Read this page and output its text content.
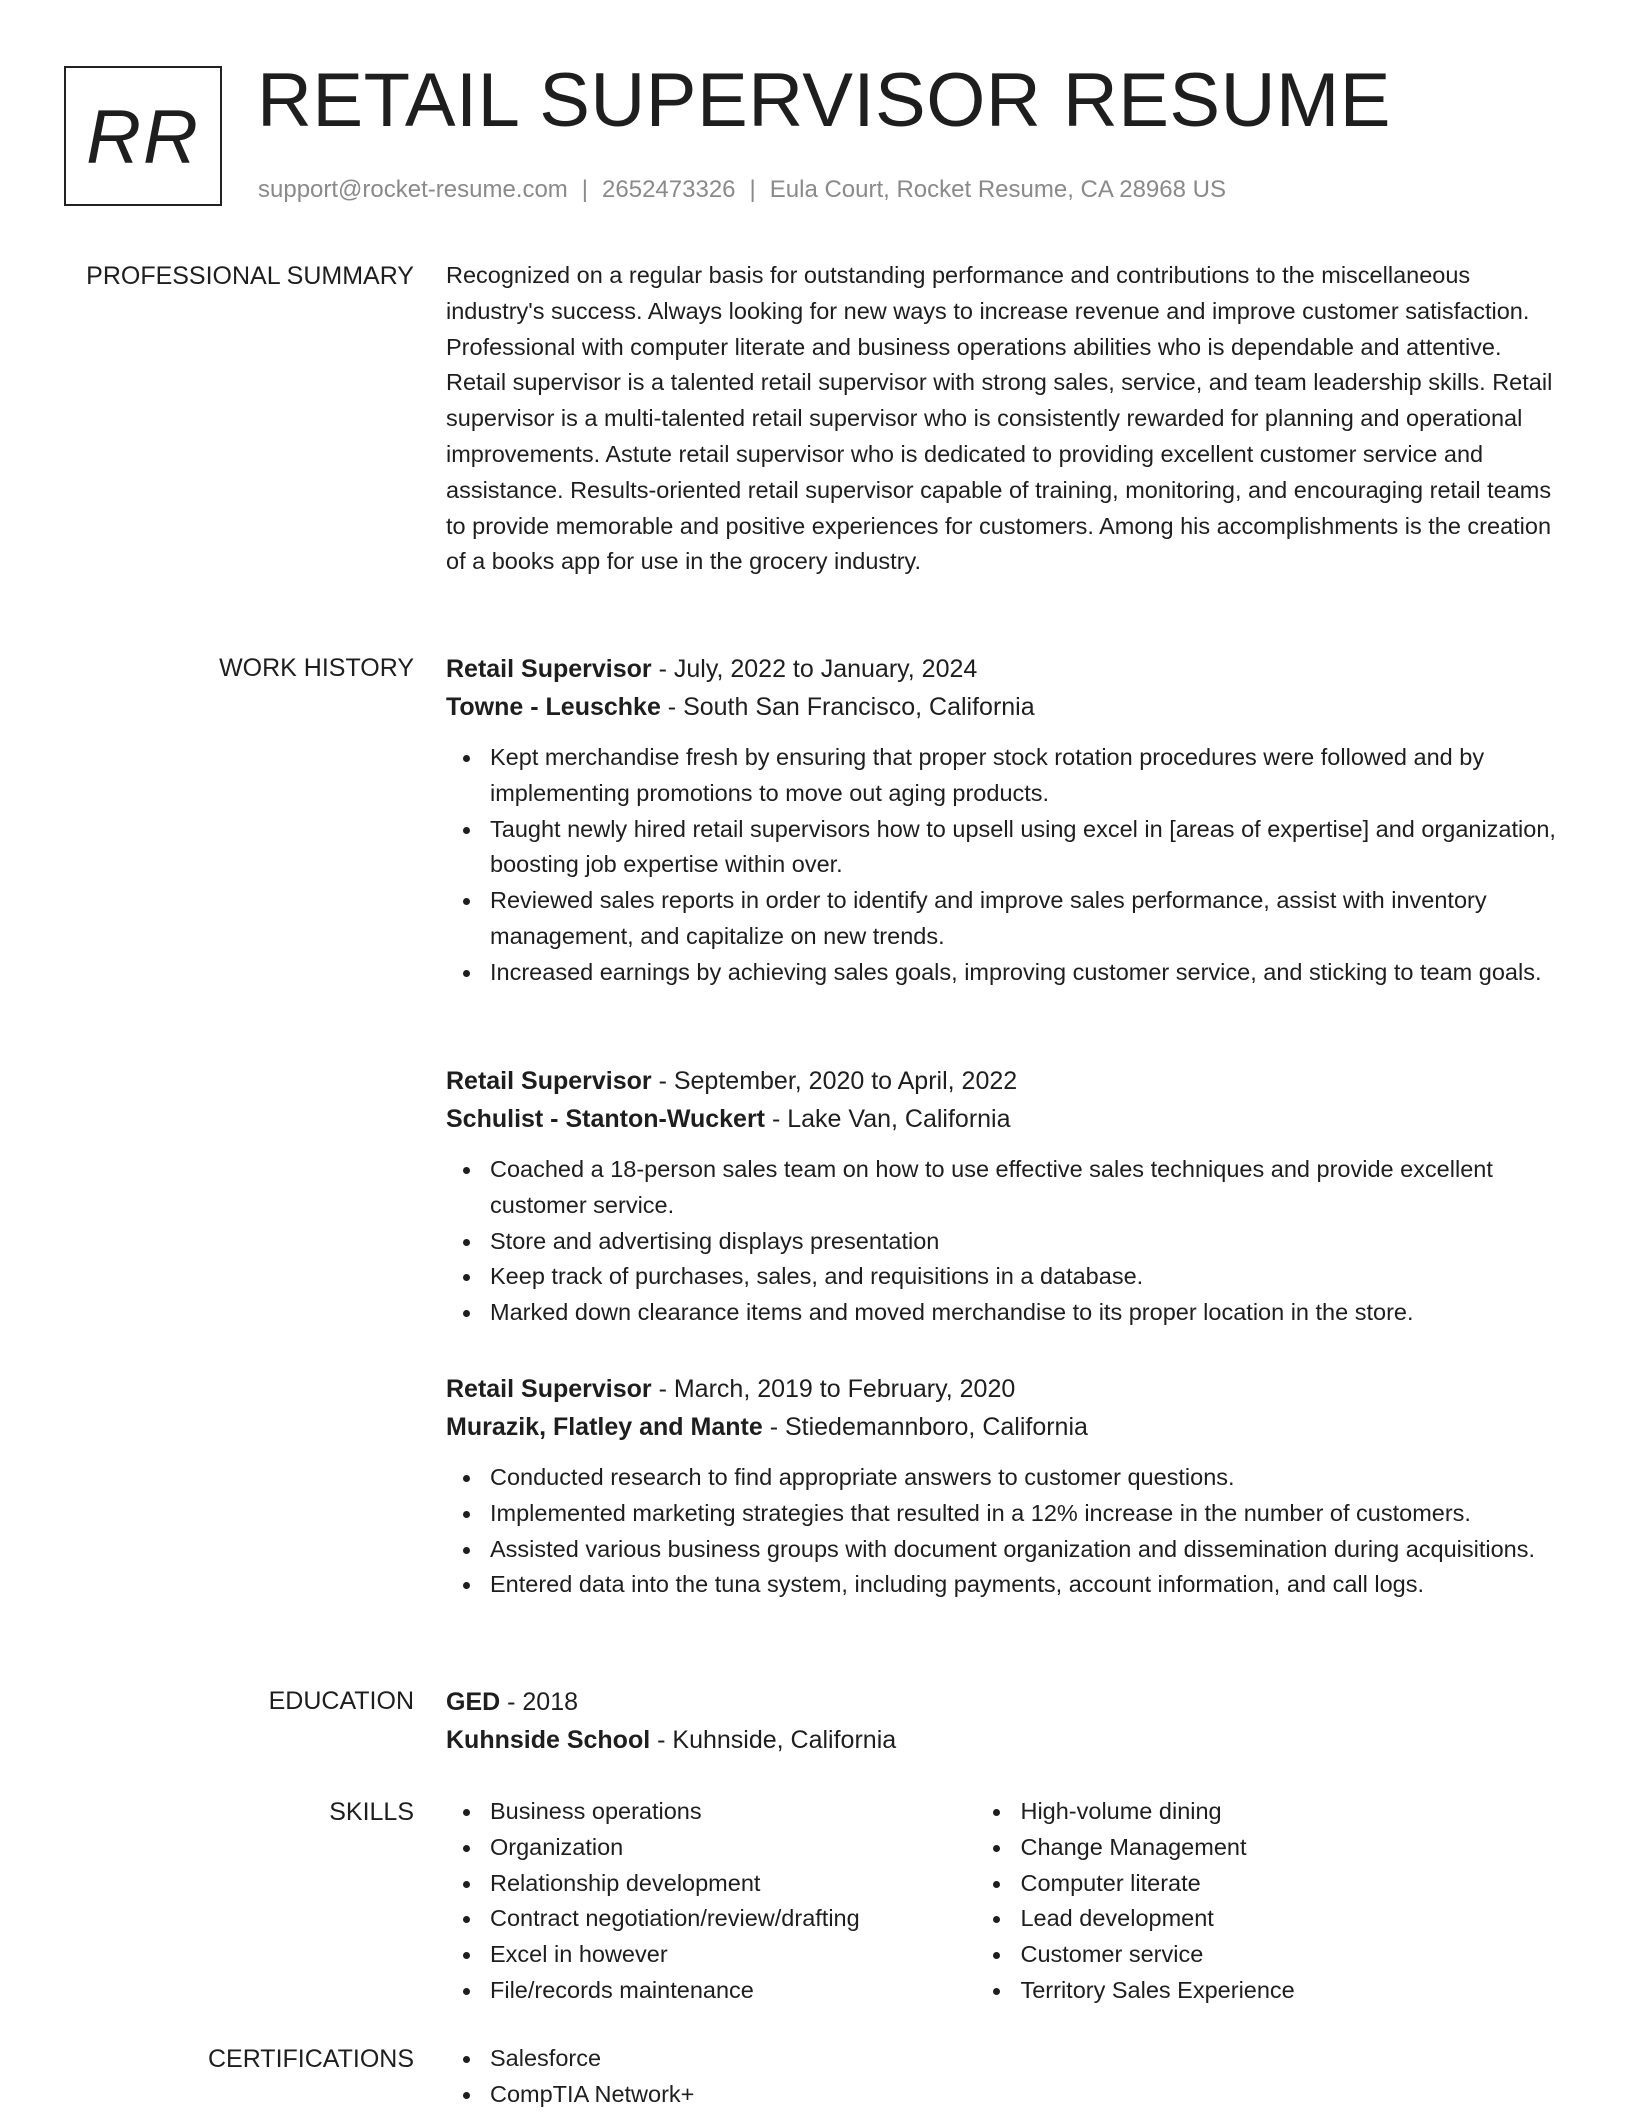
RR RETAIL SUPERVISOR RESUME
support@rocket-resume.com | 2652473326 | Eula Court, Rocket Resume, CA 28968 US
PROFESSIONAL SUMMARY Recognized on a regular basis for outstanding performance and contributions to the miscellaneous industry's success. Always looking for new ways to increase revenue and improve customer satisfaction. Professional with computer literate and business operations abilities who is dependable and attentive. Retail supervisor is a talented retail supervisor with strong sales, service, and team leadership skills. Retail supervisor is a multi-talented retail supervisor who is consistently rewarded for planning and operational improvements. Astute retail supervisor who is dedicated to providing excellent customer service and assistance. Results-oriented retail supervisor capable of training, monitoring, and encouraging retail teams to provide memorable and positive experiences for customers. Among his accomplishments is the creation of a books app for use in the grocery industry.

WORK HISTORY Retail Supervisor - July, 2022 to January, 2024
Towne - Leuschke - South San Francisco, California
Kept merchandise fresh by ensuring that proper stock rotation procedures were followed and by implementing promotions to move out aging products.
Taught newly hired retail supervisors how to upsell using excel in [areas of expertise] and organization, boosting job expertise within over.
Reviewed sales reports in order to identify and improve sales performance, assist with inventory management, and capitalize on new trends.
Increased earnings by achieving sales goals, improving customer service, and sticking to team goals.
Retail Supervisor - September, 2020 to April, 2022
Schulist - Stanton-Wuckert - Lake Van, California
Coached a 18-person sales team on how to use effective sales techniques and provide excellent customer service.
Store and advertising displays presentation
Keep track of purchases, sales, and requisitions in a database.
Marked down clearance items and moved merchandise to its proper location in the store.
Retail Supervisor - March, 2019 to February, 2020
Murazik, Flatley and Mante - Stiedemannboro, California
Conducted research to find appropriate answers to customer questions.
Implemented marketing strategies that resulted in a 12% increase in the number of customers.
Assisted various business groups with document organization and dissemination during acquisitions.
Entered data into the tuna system, including payments, account information, and call logs.
EDUCATION GED - 2018
Kuhnside School - Kuhnside, California
SKILLS	Business operations
Organization
Relationship development
Contract negotiation/review/drafting
Excel in however
File/records maintenance
High-volume dining
Change Management
Computer literate
Lead development
Customer service
Territory Sales Experience
CERTIFICATIONS	Salesforce
CompTIA Network+
